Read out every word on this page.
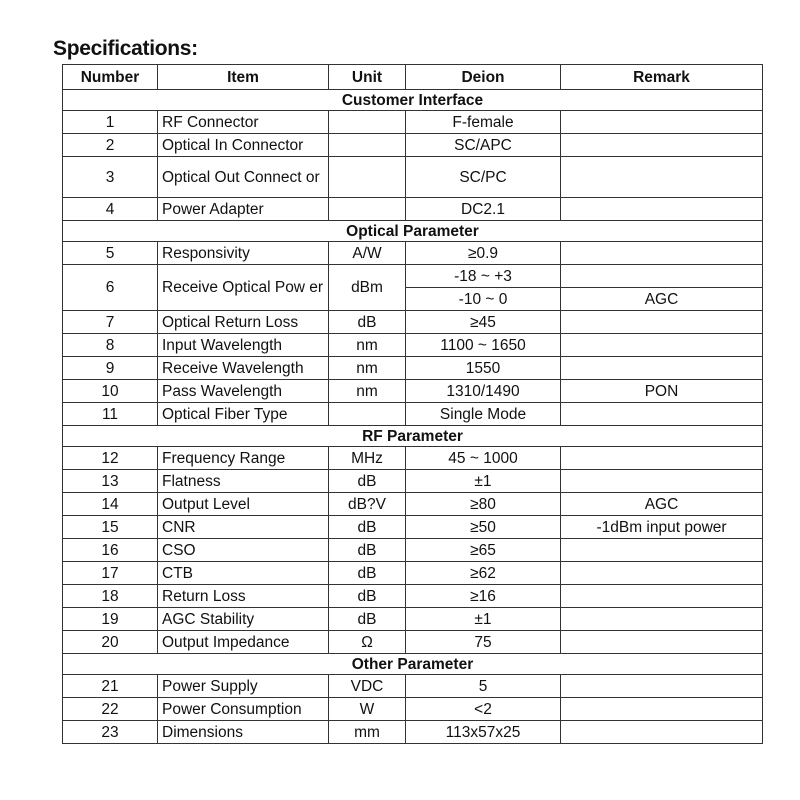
Specifications:
Number	Item	Unit	Deion	Remark
Customer Interface				
1	RF Connector		F-female	
2	Optical In Connector		SC/APC	
3	Optical Out Connect or		SC/PC	
4	Power Adapter		DC2.1	
Optical Parameter				
5	Responsivity	A/W	≥0.9	
6	Receive Optical Pow er	dBm	-18 ~ +3	
			-10 ~ 0	AGC
7	Optical Return Loss	dB	≥45	
8	Input Wavelength	nm	1100 ~ 1650	
9	Receive Wavelength	nm	1550	
10	Pass Wavelength	nm	1310/1490	PON
11	Optical Fiber Type		Single Mode	
RF Parameter				
12	Frequency Range	MHz	45 ~ 1000	
13	Flatness	dB	±1	
14	Output Level	dB?V	≥80	AGC
15	CNR	dB	≥50	-1dBm input power
16	CSO	dB	≥65	
17	CTB	dB	≥62	
18	Return Loss	dB	≥16	
19	AGC Stability	dB	±1	
20	Output Impedance	Ω	75	
Other Parameter				
21	Power Supply	VDC	5	
22	Power Consumption	W	<2	
23	Dimensions	mm	113x57x25	
